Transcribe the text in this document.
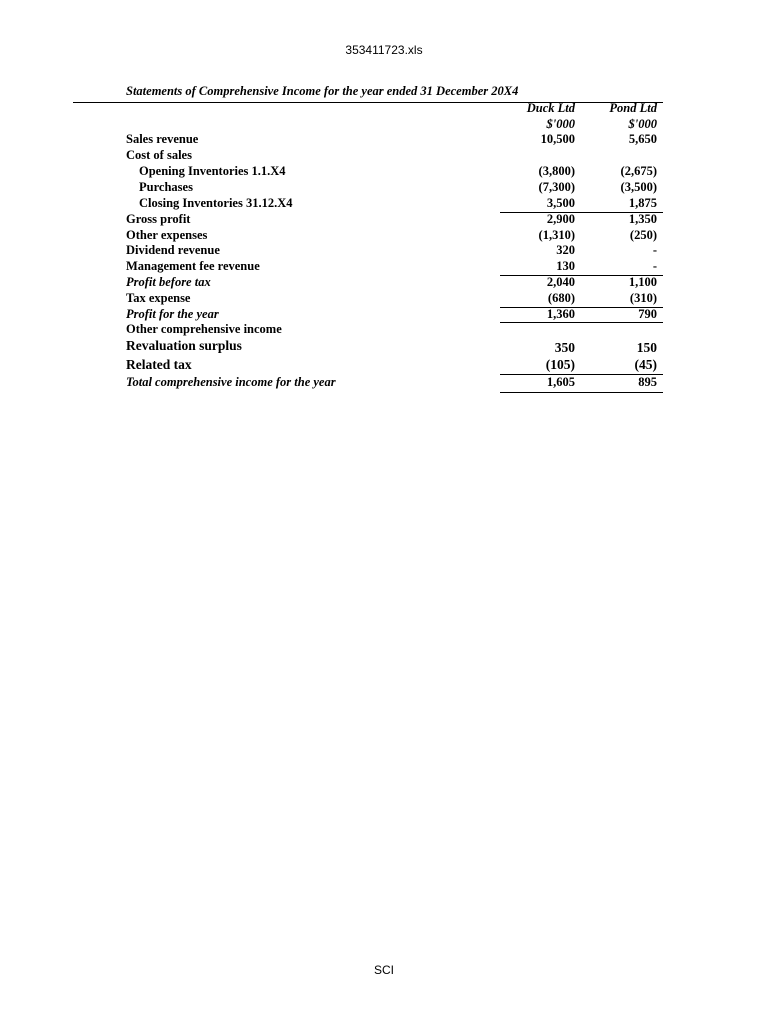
353411723.xls
Statements of Comprehensive Income for the year ended 31 December 20X4
Duck Ltd	Pond Ltd
$'000	$'000
Sales revenue	10,500	5,650
Cost of sales
Opening Inventories 1.1.X4	(3,800)	(2,675)
Purchases	(7,300)	(3,500)
Closing Inventories 31.12.X4	3,500	1,875
Gross profit	2,900	1,350
Other expenses	(1,310)	(250)
Dividend revenue	320	-
Management fee revenue	130	-
Profit before tax	2,040	1,100
Tax expense	(680)	(310)
Profit for the year	1,360	790
Other comprehensive income
Revaluation surplus	350	150
Related tax	(105)	(45)
Total comprehensive income for the year	1,605	895
SCI
